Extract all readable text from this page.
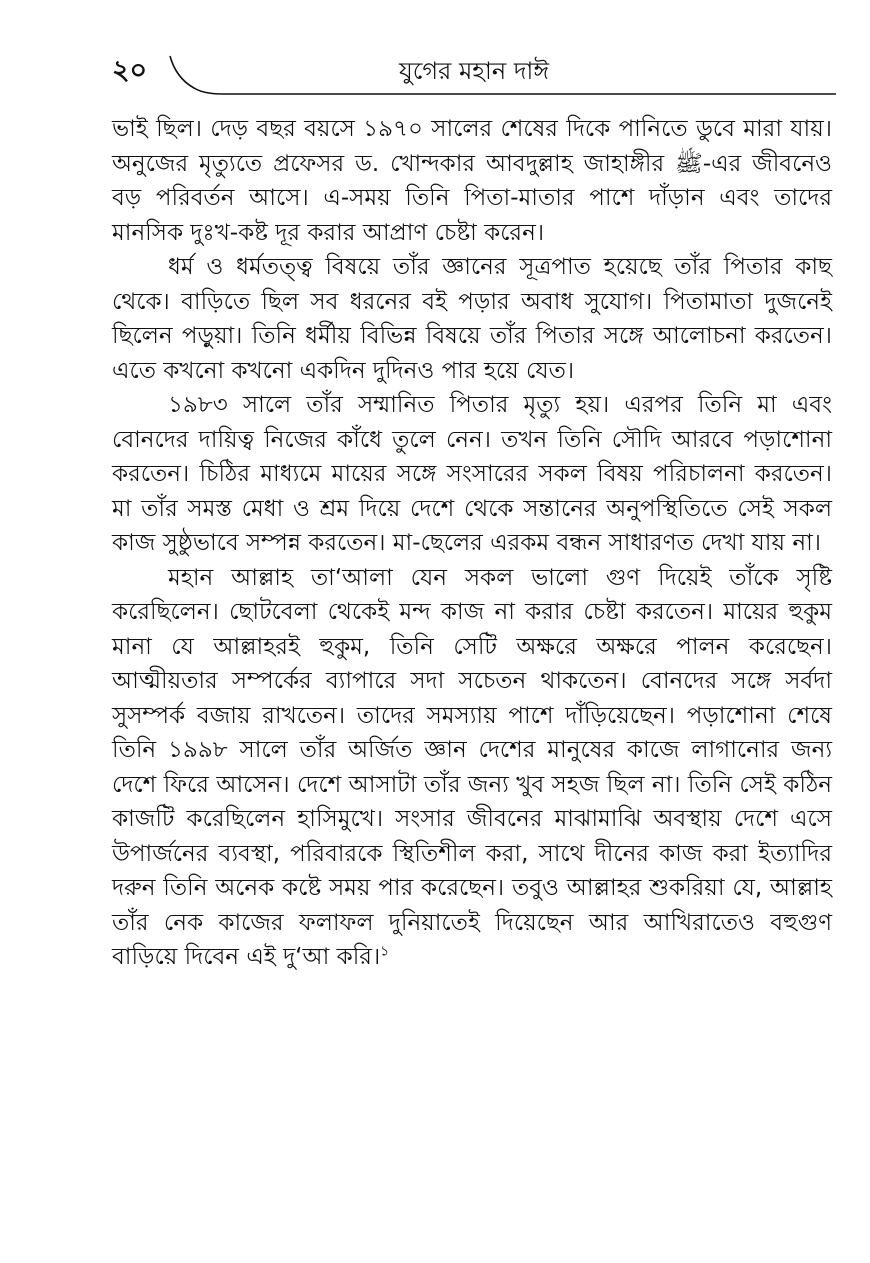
২০	যুগের মহান দাঈ

ভাই ছিল। দেড় বছর বয়সে ১৯৭০ সালের শেষের দিকে পানিতে ডুবে মারা যায়। অনুজের মৃত্যুতে প্রফেসর ড. খোন্দকার আবদুল্লাহ জাহাঙ্গীর ﷺ-এর জীবনেও বড় পরিবর্তন আসে। এ-সময় তিনি পিতা-মাতার পাশে দাঁড়ান এবং তাদের মানসিক দুঃখ-কষ্ট দূর করার আপ্রাণ চেষ্টা করেন।

ধর্ম ও ধর্মতত্ত্ব বিষয়ে তাঁর জ্ঞানের সূত্রপাত হয়েছে তাঁর পিতার কাছ থেকে। বাড়িতে ছিল সব ধরনের বই পড়ার অবাধ সুযোগ। পিতামাতা দুজনেই ছিলেন পড়ুয়া। তিনি ধর্মীয় বিভিন্ন বিষয়ে তাঁর পিতার সঙ্গে আলোচনা করতেন। এতে কখনো কখনো একদিন দুদিনও পার হয়ে যেত।

১৯৮৩ সালে তাঁর সম্মানিত পিতার মৃত্যু হয়। এরপর তিনি মা এবং বোনদের দায়িত্ব নিজের কাঁধে তুলে নেন। তখন তিনি সৌদি আরবে পড়াশোনা করতেন। চিঠির মাধ্যমে মায়ের সঙ্গে সংসারের সকল বিষয় পরিচালনা করতেন। মা তাঁর সমস্ত মেধা ও শ্রম দিয়ে দেশে থেকে সন্তানের অনুপস্থিতিতে সেই সকল কাজ সুষ্ঠুভাবে সম্পন্ন করতেন। মা-ছেলের এরকম বন্ধন সাধারণত দেখা যায় না।

মহান আল্লাহ তা‘আলা যেন সকল ভালো গুণ দিয়েই তাঁকে সৃষ্টি করেছিলেন। ছোটবেলা থেকেই মন্দ কাজ না করার চেষ্টা করতেন। মায়ের হুকুম মানা যে আল্লাহরই হুকুম, তিনি সেটি অক্ষরে অক্ষরে পালন করেছেন। আত্মীয়তার সম্পর্কের ব্যাপারে সদা সচেতন থাকতেন। বোনদের সঙ্গে সর্বদা সুসম্পর্ক বজায় রাখতেন। তাদের সমস্যায় পাশে দাঁড়িয়েছেন। পড়াশোনা শেষে তিনি ১৯৯৮ সালে তাঁর অর্জিত জ্ঞান দেশের মানুষের কাজে লাগানোর জন্য দেশে ফিরে আসেন। দেশে আসাটা তাঁর জন্য খুব সহজ ছিল না। তিনি সেই কঠিন কাজটি করেছিলেন হাসিমুখে। সংসার জীবনের মাঝামাঝি অবস্থায় দেশে এসে উপার্জনের ব্যবস্থা, পরিবারকে স্থিতিশীল করা, সাথে দীনের কাজ করা ইত্যাদির দরুন তিনি অনেক কষ্টে সময় পার করেছেন। তবুও আল্লাহর শুকরিয়া যে, আল্লাহ তাঁর নেক কাজের ফলাফল দুনিয়াতেই দিয়েছেন আর আখিরাতেও বহুগুণ বাড়িয়ে দিবেন এই দু‘আ করি।$^১$
